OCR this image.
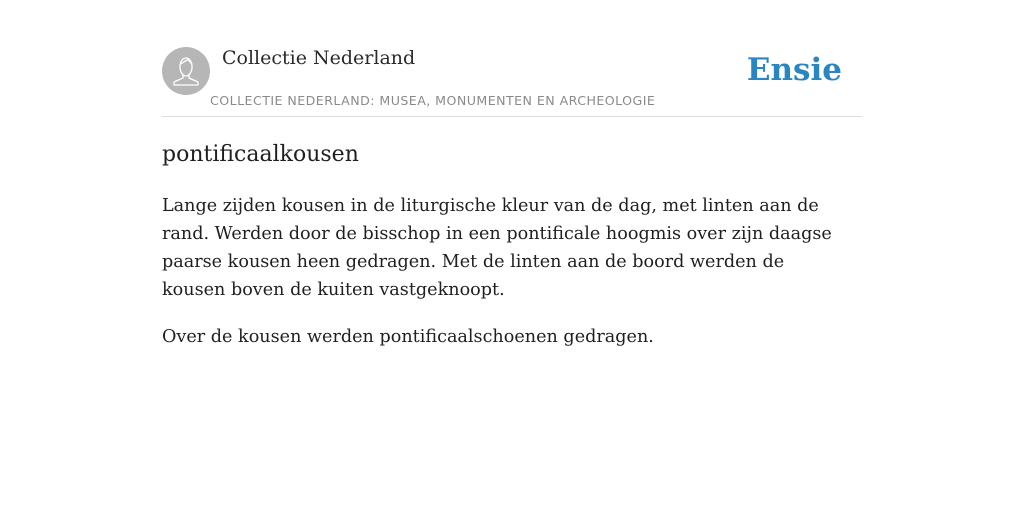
Collectie Nederland
COLLECTIE NEDERLAND: MUSEA, MONUMENTEN EN ARCHEOLOGIE
Ensie
pontificaalkousen

Lange zijden kousen in de liturgische kleur van de dag, met linten aan de rand. Werden door de bisschop in een pontificale hoogmis over zijn daagse paarse kousen heen gedragen. Met de linten aan de boord werden de kousen boven de kuiten vastgeknoopt.

Over de kousen werden pontificaalschoenen gedragen.
